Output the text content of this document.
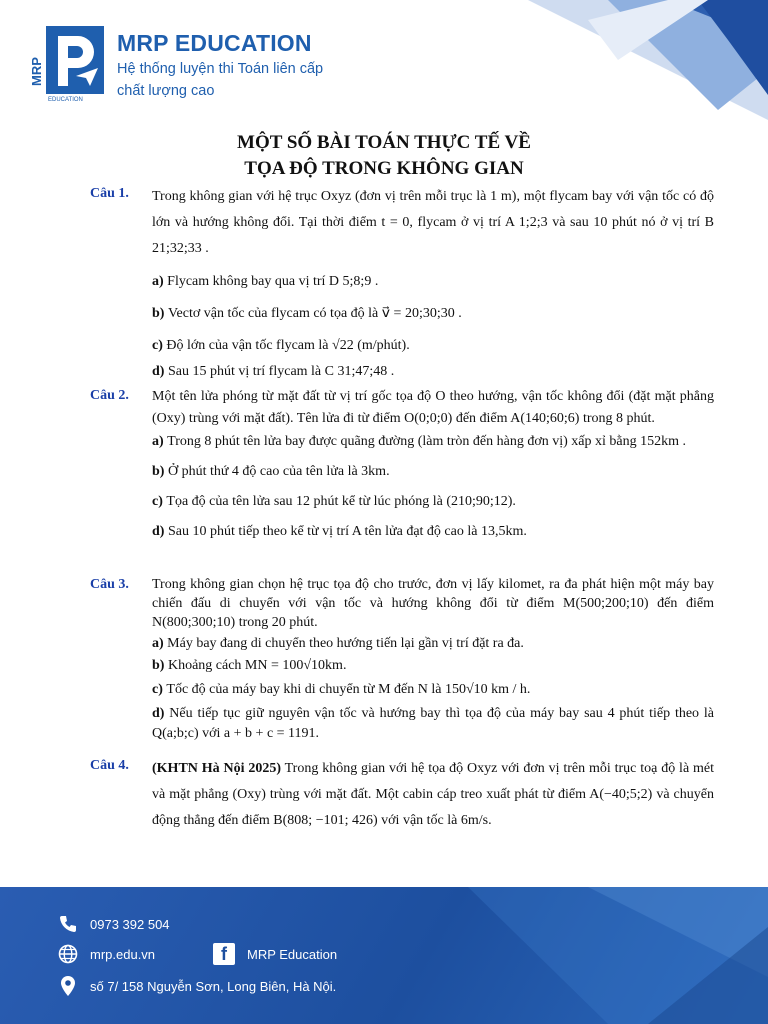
MRP
EDUCATION
MRP EDUCATION
Hệ thống luyện thi Toán liên cấp
chất lượng cao
MỘT SỐ BÀI TOÁN THỰC TẾ VỀ
TỌA ĐỘ TRONG KHÔNG GIAN
Câu 1. Trong không gian với hệ trục Oxyz (đơn vị trên mỗi trục là 1 m), một flycam bay với vận tốc có độ lớn và hướng không đổi. Tại thời điểm t = 0, flycam ở vị trí A 1;2;3 và sau 10 phút nó ở vị trí B 21;32;33 .
a) Flycam không bay qua vị trí D 5;8;9 .
b) Vectơ vận tốc của flycam có tọa độ là v⃗ = 20;30;30 .
c) Độ lớn của vận tốc flycam là √22 (m/phút).
d) Sau 15 phút vị trí flycam là C 31;47;48 .
Câu 2. Một tên lửa phóng từ mặt đất từ vị trí gốc tọa độ O theo hướng, vận tốc không đổi (đặt mặt phẳng (Oxy) trùng với mặt đất). Tên lửa đi từ điểm O(0;0;0) đến điểm A(140;60;6) trong 8 phút.
a) Trong 8 phút tên lửa bay được quãng đường (làm tròn đến hàng đơn vị) xấp xỉ bằng 152km .
b) Ở phút thứ 4 độ cao của tên lửa là 3km.
c) Tọa độ của tên lửa sau 12 phút kể từ lúc phóng là (210;90;12).
d) Sau 10 phút tiếp theo kể từ vị trí A tên lửa đạt độ cao là 13,5km.
Câu 3. Trong không gian chọn hệ trục tọa độ cho trước, đơn vị lấy kilomet, ra đa phát hiện một máy bay chiến đấu di chuyển với vận tốc và hướng không đổi từ điểm M(500;200;10) đến điểm N(800;300;10) trong 20 phút.
a) Máy bay đang di chuyển theo hướng tiến lại gần vị trí đặt ra đa.
b) Khoảng cách MN = 100√10km.
c) Tốc độ của máy bay khi di chuyển từ M đến N là 150√10 km / h.
d) Nếu tiếp tục giữ nguyên vận tốc và hướng bay thì tọa độ của máy bay sau 4 phút tiếp theo là Q(a;b;c) với a + b + c = 1191.
Câu 4. (KHTN Hà Nội 2025) Trong không gian với hệ tọa độ Oxyz với đơn vị trên mỗi trục toạ độ là mét và mặt phẳng (Oxy) trùng với mặt đất. Một cabin cáp treo xuất phát từ điểm A(−40;5;2) và chuyển động thẳng đến điểm B(808; −101; 426) với vận tốc là 6m/s.
0973 392 504
mrp.edu.vn	f	MRP Education
số 7/ 158 Nguyễn Sơn, Long Biên, Hà Nội.
